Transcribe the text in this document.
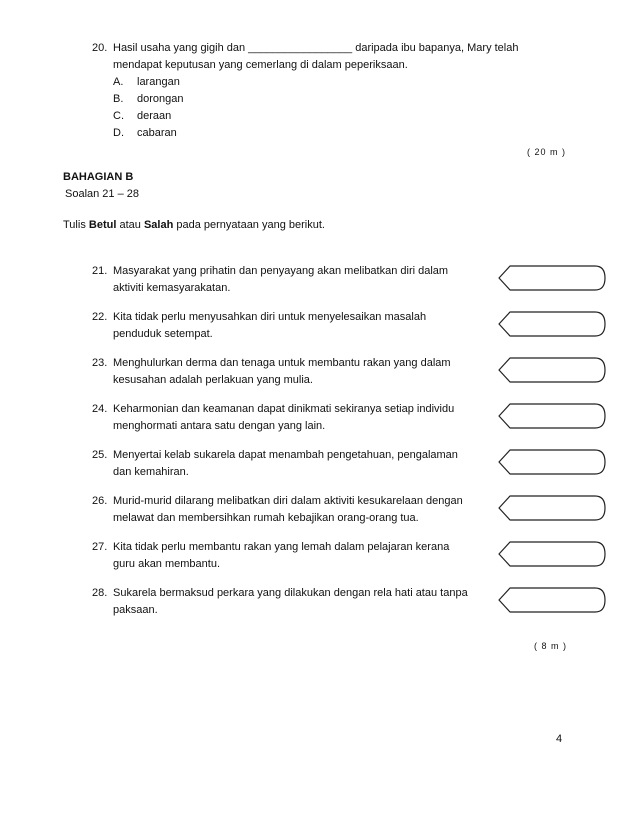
20. Hasil usaha yang gigih dan _________________ daripada ibu bapanya, Mary telah
mendapat keputusan yang cemerlang di dalam peperiksaan.
A. larangan
B. dorongan
C. deraan
D. cabaran
( 20 m )
BAHAGIAN B
Soalan 21 – 28
Tulis Betul atau Salah pada pernyataan yang berikut.
21. Masyarakat yang prihatin dan penyayang akan melibatkan diri dalam
aktiviti kemasyarakatan.
22. Kita tidak perlu menyusahkan diri untuk menyelesaikan masalah
penduduk setempat.
23. Menghulurkan derma dan tenaga untuk membantu rakan yang dalam
kesusahan adalah perlakuan yang mulia.
24. Keharmonian dan keamanan dapat dinikmati sekiranya setiap individu
menghormati antara satu dengan yang lain.
25. Menyertai kelab sukarela dapat menambah pengetahuan, pengalaman
dan kemahiran.
26. Murid-murid dilarang melibatkan diri dalam aktiviti kesukarelaan dengan
melawat dan membersihkan rumah kebajikan orang-orang tua.
27. Kita tidak perlu membantu rakan yang lemah dalam pelajaran kerana
guru akan membantu.
28. Sukarela bermaksud perkara yang dilakukan dengan rela hati atau tanpa
paksaan.
( 8 m )
4
